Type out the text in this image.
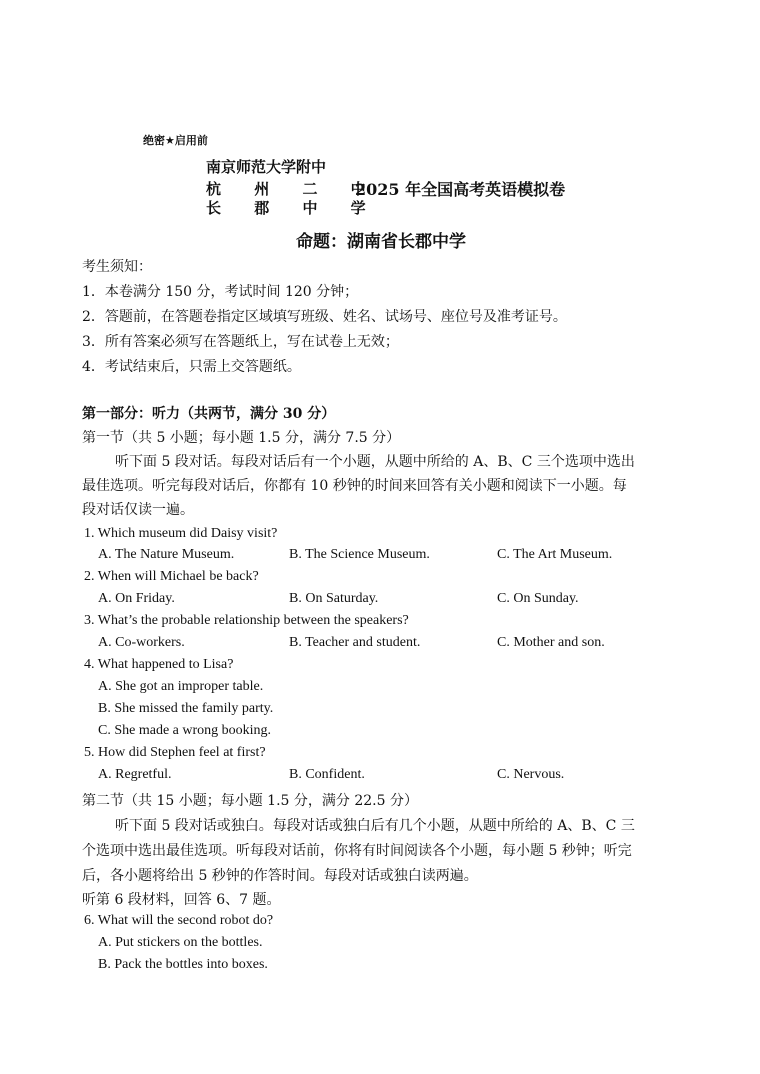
绝密★启用前
南京师范大学附中
杭 州 二 中
长 郡 中 学
2025 年全国高考英语模拟卷
命题：湖南省长郡中学
考生须知：
1．本卷满分 150 分，考试时间 120 分钟；
2．答题前，在答题卷指定区域填写班级、姓名、试场号、座位号及准考证号。
3．所有答案必须写在答题纸上，写在试卷上无效；
4．考试结束后，只需上交答题纸。
第一部分：听力（共两节，满分 30 分）
第一节（共 5 小题；每小题 1.5 分，满分 7.5 分）
听下面 5 段对话。每段对话后有一个小题，从题中所给的 A、B、C 三个选项中选出
最佳选项。听完每段对话后，你都有 10 秒钟的时间来回答有关小题和阅读下一小题。每
段对话仅读一遍。
1. Which museum did Daisy visit?
A. The Nature Museum.	B. The Science Museum.	C. The Art Museum.
2. When will Michael be back?
A. On Friday.	B. On Saturday.	C. On Sunday.
3. What’s the probable relationship between the speakers?
A. Co-workers.	B. Teacher and student.	C. Mother and son.
4. What happened to Lisa?
A. She got an improper table.
B. She missed the family party.
C. She made a wrong booking.
5. How did Stephen feel at first?
A. Regretful.	B. Confident.	C. Nervous.
第二节（共 15 小题；每小题 1.5 分，满分 22.5 分）
听下面 5 段对话或独白。每段对话或独白后有几个小题，从题中所给的 A、B、C 三
个选项中选出最佳选项。听每段对话前，你将有时间阅读各个小题，每小题 5 秒钟；听完
后，各小题将给出 5 秒钟的作答时间。每段对话或独白读两遍。
听第 6 段材料，回答 6、7 题。
6. What will the second robot do?
A. Put stickers on the bottles.
B. Pack the bottles into boxes.
